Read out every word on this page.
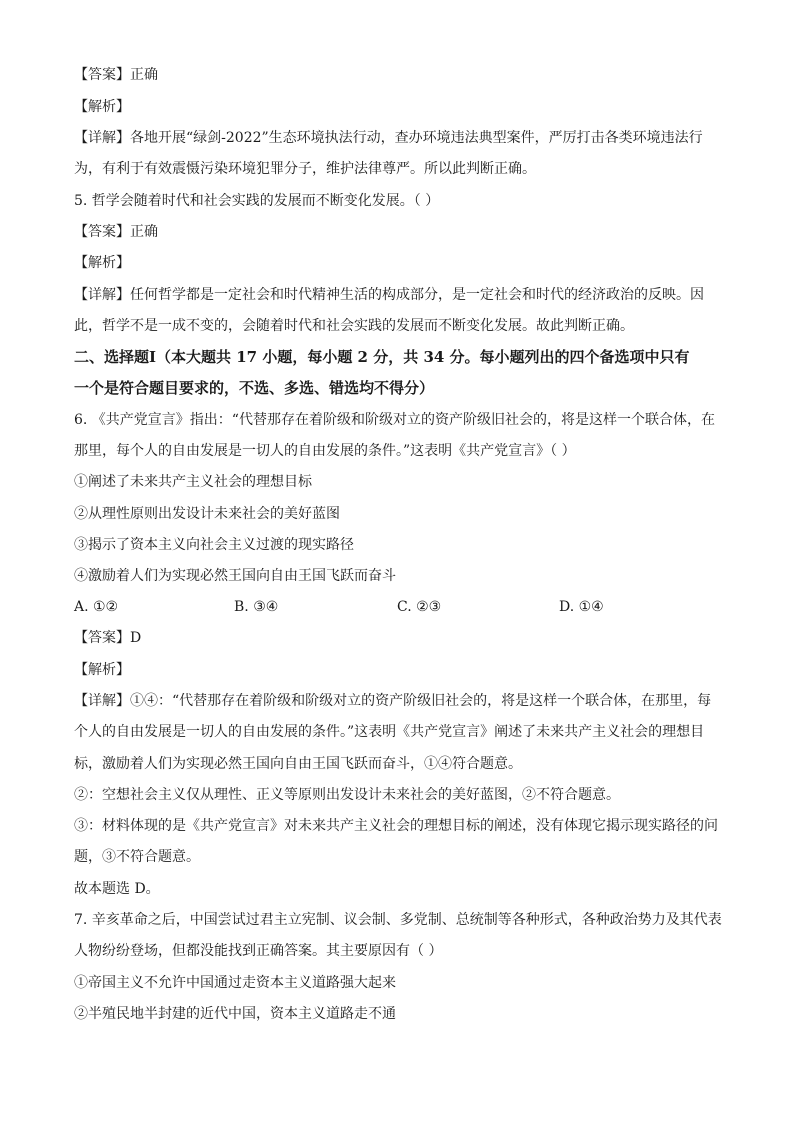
【答案】正确
【解析】
【详解】各地开展“绿剑-2022”生态环境执法行动，查办环境违法典型案件，严厉打击各类环境违法行
为，有利于有效震慑污染环境犯罪分子，维护法律尊严。所以此判断正确。
5. 哲学会随着时代和社会实践的发展而不断变化发展。（ ）
【答案】正确
【解析】
【详解】任何哲学都是一定社会和时代精神生活的构成部分，是一定社会和时代的经济政治的反映。因
此，哲学不是一成不变的，会随着时代和社会实践的发展而不断变化发展。故此判断正确。
二、选择题Ⅰ（本大题共 17 小题，每小题 2 分，共 34 分。每小题列出的四个备选项中只有
一个是符合题目要求的，不选、多选、错选均不得分）
6. 《共产党宣言》指出：“代替那存在着阶级和阶级对立的资产阶级旧社会的，将是这样一个联合体，在
那里，每个人的自由发展是一切人的自由发展的条件。”这表明《共产党宣言》（ ）
①阐述了未来共产主义社会的理想目标
②从理性原则出发设计未来社会的美好蓝图
③揭示了资本主义向社会主义过渡的现实路径
④激励着人们为实现必然王国向自由王国飞跃而奋斗
A. ①②	B. ③④	C. ②③	D. ①④
【答案】D
【解析】
【详解】①④：“代替那存在着阶级和阶级对立的资产阶级旧社会的，将是这样一个联合体，在那里，每
个人的自由发展是一切人的自由发展的条件。”这表明《共产党宣言》阐述了未来共产主义社会的理想目
标，激励着人们为实现必然王国向自由王国飞跃而奋斗，①④符合题意。
②：空想社会主义仅从理性、正义等原则出发设计未来社会的美好蓝图，②不符合题意。
③：材料体现的是《共产党宣言》对未来共产主义社会的理想目标的阐述，没有体现它揭示现实路径的问
题，③不符合题意。
故本题选 D。
7. 辛亥革命之后，中国尝试过君主立宪制、议会制、多党制、总统制等各种形式，各种政治势力及其代表
人物纷纷登场，但都没能找到正确答案。其主要原因有（ ）
①帝国主义不允许中国通过走资本主义道路强大起来
②半殖民地半封建的近代中国，资本主义道路走不通
